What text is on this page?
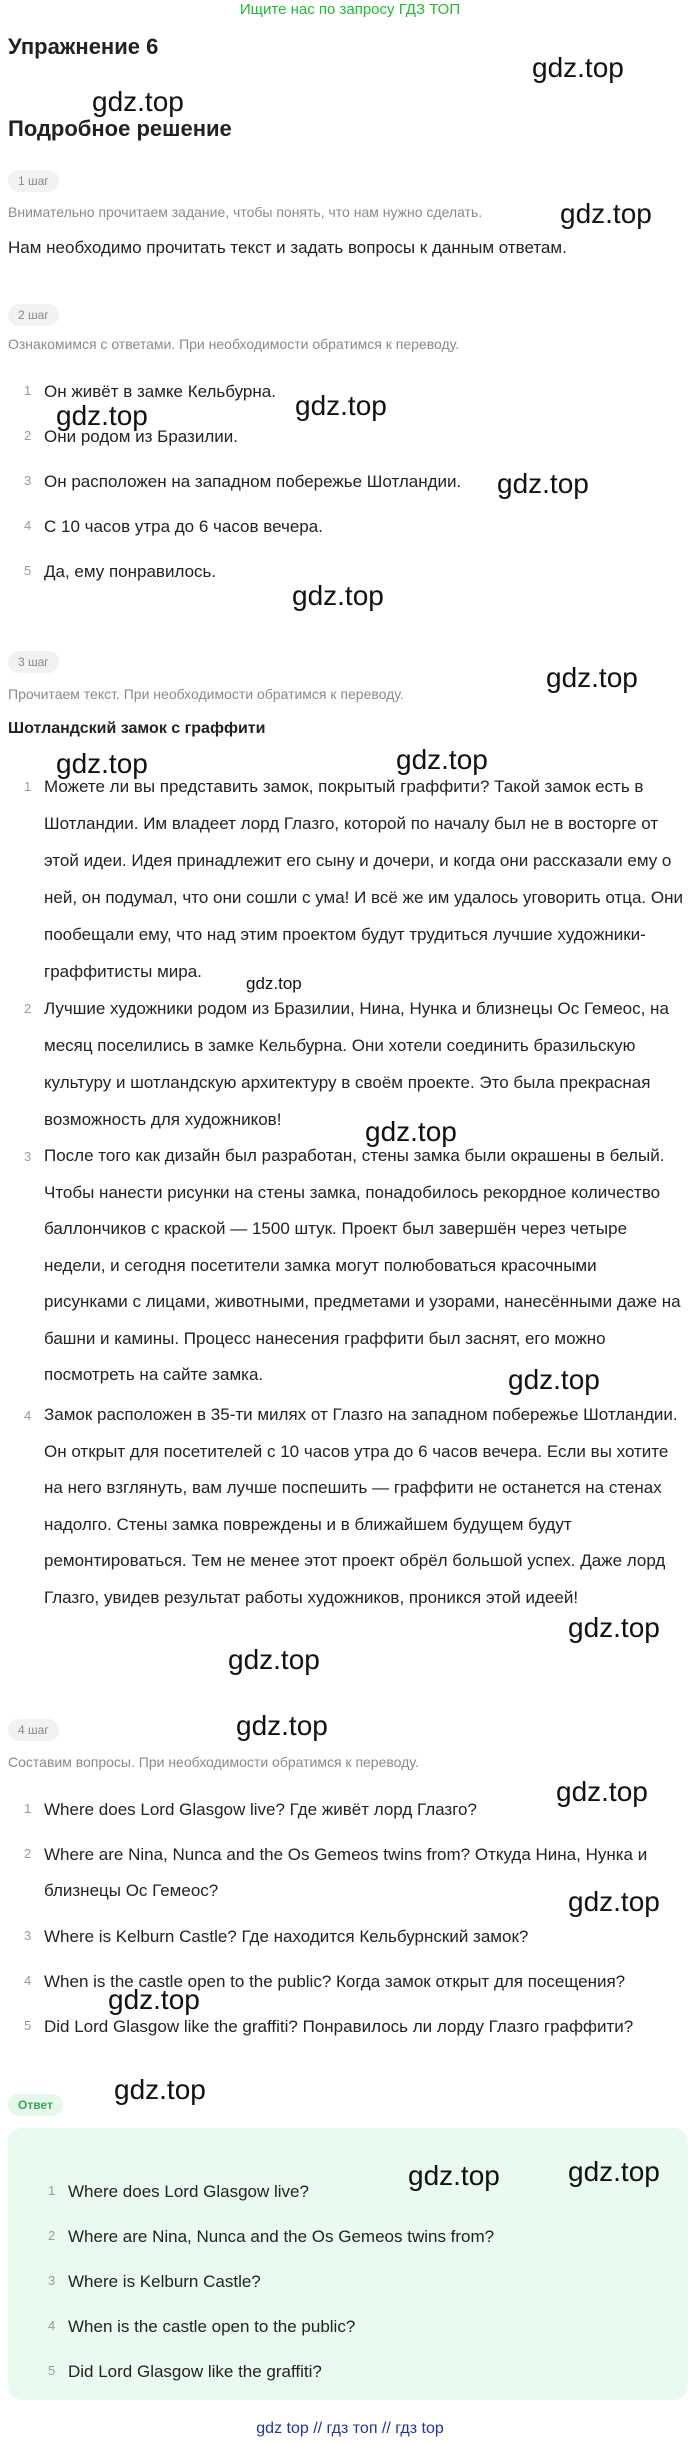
Ищите нас по запросу ГДЗ ТОП
Упражнение 6
Подробное решение
1 шаг
Внимательно прочитаем задание, чтобы понять, что нам нужно сделать.
Нам необходимо прочитать текст и задать вопросы к данным ответам.
2 шаг
Ознакомимся с ответами. При необходимости обратимся к переводу.
1 Он живёт в замке Кельбурна.
2 Они родом из Бразилии.
3 Он расположен на западном побережье Шотландии.
4 С 10 часов утра до 6 часов вечера.
5 Да, ему понравилось.
3 шаг
Прочитаем текст. При необходимости обратимся к переводу.
Шотландский замок с граффити
1 Можете ли вы представить замок, покрытый граффити? Такой замок есть в Шотландии. Им владеет лорд Глазго, которой по началу был не в восторге от этой идеи. Идея принадлежит его сыну и дочери, и когда они рассказали ему о ней, он подумал, что они сошли с ума! И всё же им удалось уговорить отца. Они пообещали ему, что над этим проектом будут трудиться лучшие художники-граффитисты мира.
2 Лучшие художники родом из Бразилии, Нина, Нунка и близнецы Ос Гемеос, на месяц поселились в замке Кельбурна. Они хотели соединить бразильскую культуру и шотландскую архитектуру в своём проекте. Это была прекрасная возможность для художников!
3 После того как дизайн был разработан, стены замка были окрашены в белый. Чтобы нанести рисунки на стены замка, понадобилось рекордное количество баллончиков с краской — 1500 штук. Проект был завершён через четыре недели, и сегодня посетители замка могут полюбоваться красочными рисунками с лицами, животными, предметами и узорами, нанесёнными даже на башни и камины. Процесс нанесения граффити был заснят, его можно посмотреть на сайте замка.
4 Замок расположен в 35-ти милях от Глазго на западном побережье Шотландии. Он открыт для посетителей с 10 часов утра до 6 часов вечера. Если вы хотите на него взглянуть, вам лучше поспешить — граффити не останется на стенах надолго. Стены замка повреждены и в ближайшем будущем будут ремонтироваться. Тем не менее этот проект обрёл большой успех. Даже лорд Глазго, увидев результат работы художников, проникся этой идеей!
4 шаг
Составим вопросы. При необходимости обратимся к переводу.
1 Where does Lord Glasgow live? Где живёт лорд Глазго?
2 Where are Nina, Nunca and the Os Gemeos twins from? Откуда Нина, Нунка и близнецы Ос Гемеос?
3 Where is Kelburn Castle? Где находится Кельбурнский замок?
4 When is the castle open to the public? Когда замок открыт для посещения?
5 Did Lord Glasgow like the graffiti? Понравилось ли лорду Глазго граффити?
Ответ
1 Where does Lord Glasgow live?
2 Where are Nina, Nunca and the Os Gemeos twins from?
3 Where is Kelburn Castle?
4 When is the castle open to the public?
5 Did Lord Glasgow like the graffiti?
gdz.top
gdz.top
gdz.top
gdz.top
gdz.top
gdz.top
gdz.top
gdz.top
gdz.top	gdz.top
gdz.top
gdz.top
gdz.top
gdz.top
gdz.top
gdz.top
gdz.top
gdz.top
gdz.top
gdz.top
gdz.top gdz.top
gdz top // гдз топ // гдз top
